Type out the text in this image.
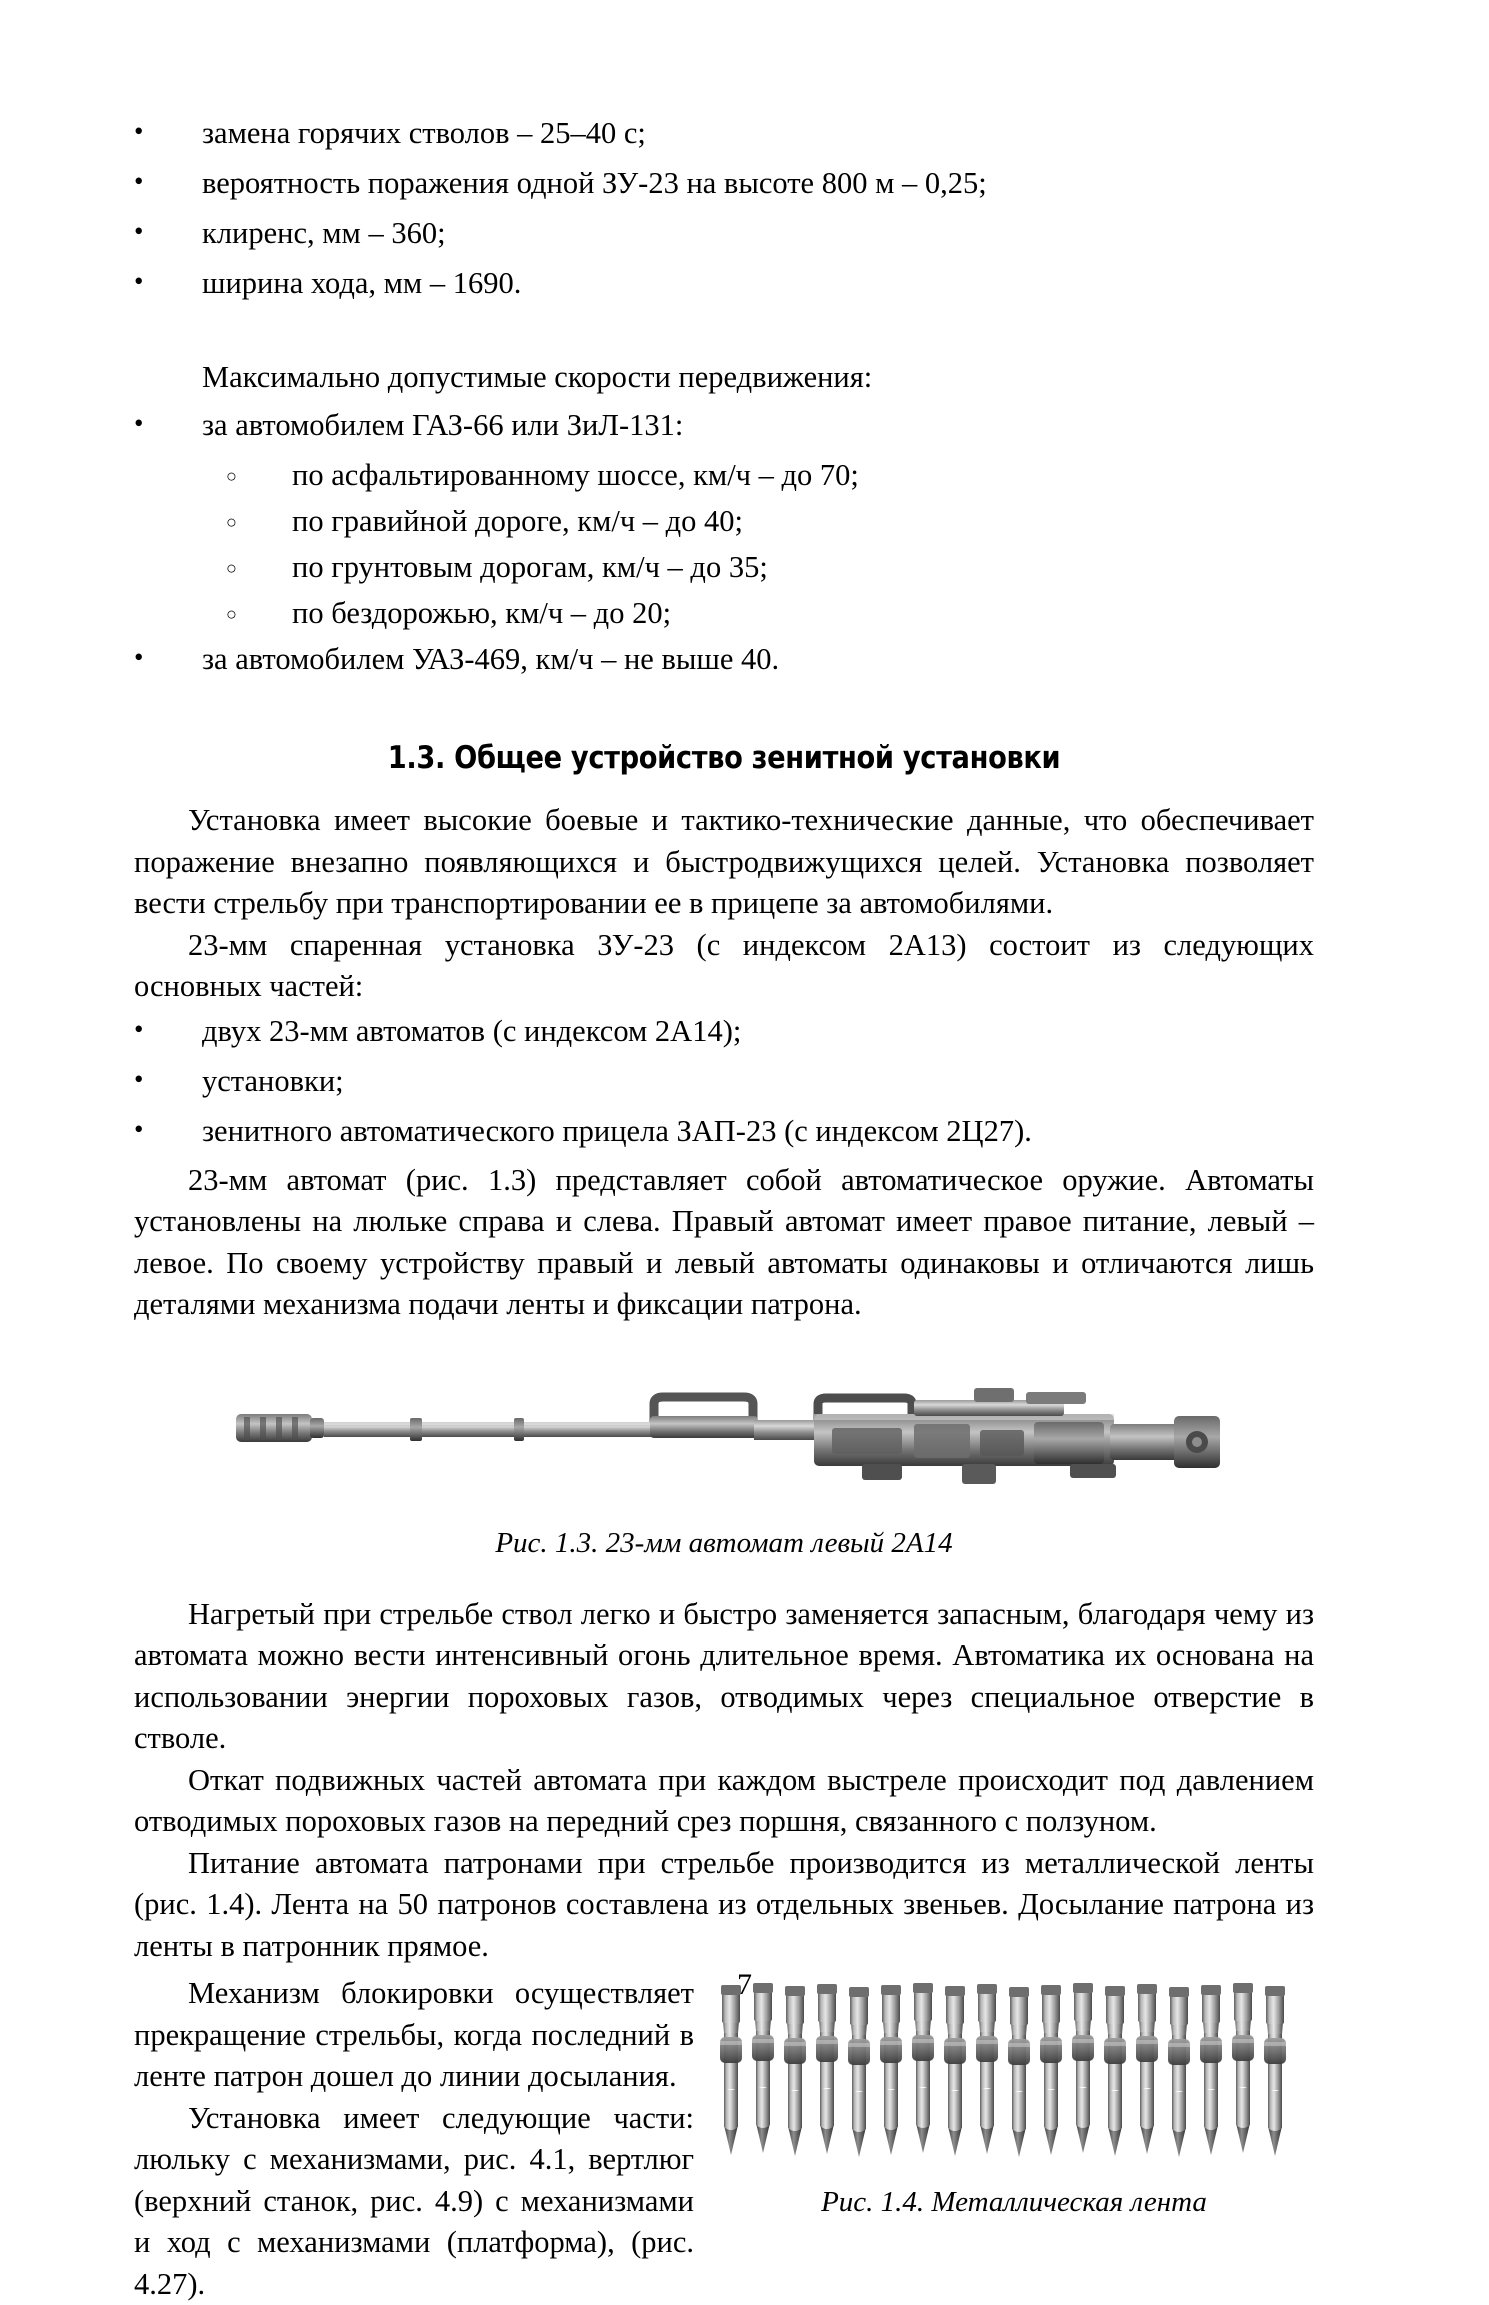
• замена горячих стволов – 25–40 с;
• вероятность поражения одной ЗУ-23 на высоте 800 м – 0,25;
• клиренс, мм – 360;
• ширина хода, мм – 1690.
Максимально допустимые скорости передвижения:
• за автомобилем ГАЗ-66 или ЗиЛ-131:
○ по асфальтированному шоссе, км/ч – до 70;
○ по гравийной дороге, км/ч – до 40;
○ по грунтовым дорогам, км/ч – до 35;
○ по бездорожью, км/ч – до 20;
• за автомобилем УАЗ-469, км/ч – не выше 40.
1.3. Общее устройство зенитной установки

Установка имеет высокие боевые и тактико-технические данные, что обеспечивает поражение внезапно появляющихся и быстродвижущихся целей. Установка позволяет вести стрельбу при транспортировании ее в прицепе за автомобилями.

23-мм спаренная установка ЗУ-23 (с индексом 2А13) состоит из следующих основных частей:

• двух 23-мм автоматов (с индексом 2А14);
• установки;
• зенитного автоматического прицела ЗАП-23 (с индексом 2Ц27).

23-мм автомат (рис. 1.3) представляет собой автоматическое оружие. Автоматы установлены на люльке справа и слева. Правый автомат имеет правое питание, левый – левое. По своему устройству правый и левый автоматы одинаковы и отличаются лишь деталями механизма подачи ленты и фиксации патрона.

Рис. 1.3. 23-мм автомат левый 2А14

Нагретый при стрельбе ствол легко и быстро заменяется запасным, благодаря чему из автомата можно вести интенсивный огонь длительное время. Автоматика их основана на использовании энергии пороховых газов, отводимых через специальное отверстие в стволе.

Откат подвижных частей автомата при каждом выстреле происходит под давлением отводимых пороховых газов на передний срез поршня, связанного с ползуном.

Питание автомата патронами при стрельбе производится из металлической ленты (рис. 1.4). Лента на 50 патронов составлена из отдельных звеньев. Досылание патрона из ленты в патронник прямое.

Механизм блокировки осуществляет прекращение стрельбы, когда последний в ленте патрон дошел до линии досылания.

Установка имеет следующие части: люльку с механизмами, рис. 4.1, вертлюг (верхний станок, рис. 4.9) с механизмами и ход с механизмами (платформа), (рис. 4.27).

Рис. 1.4. Металлическая лента

7
